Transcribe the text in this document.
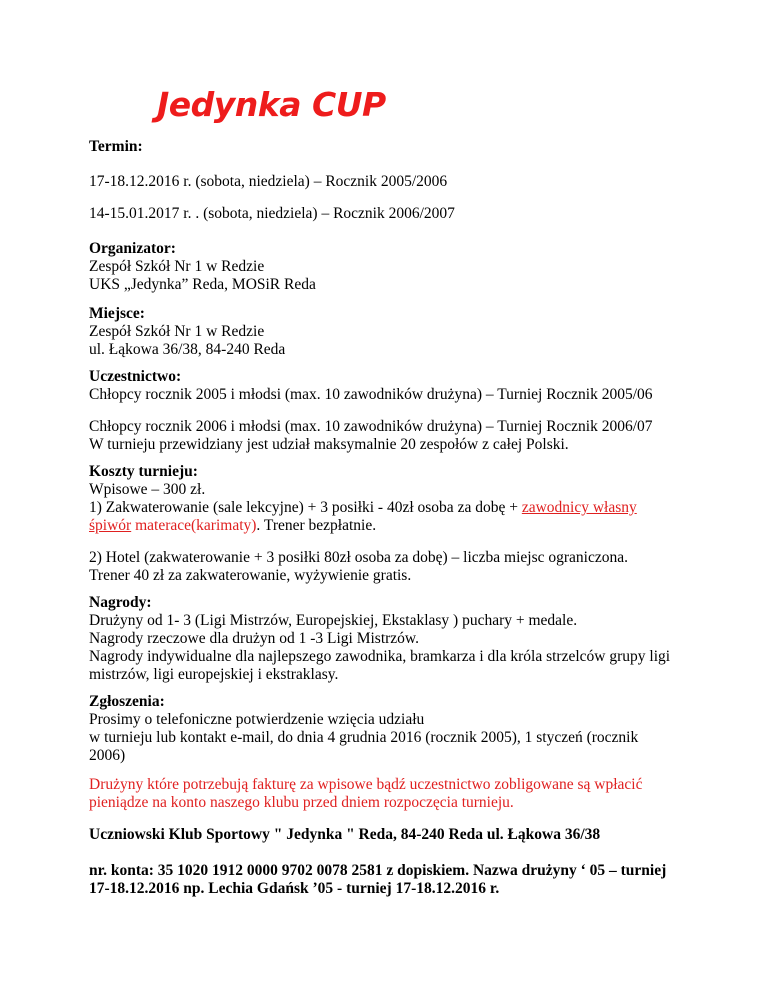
Jedynka CUP
Termin:
17-18.12.2016 r. (sobota, niedziela) – Rocznik 2005/2006
14-15.01.2017 r. . (sobota, niedziela) – Rocznik 2006/2007
Organizator:
Zespół Szkół Nr 1 w Redzie
UKS „Jedynka” Reda, MOSiR Reda
Miejsce:
Zespół Szkół Nr 1 w Redzie
ul. Łąkowa 36/38, 84-240 Reda
Uczestnictwo:
Chłopcy rocznik 2005 i młodsi (max. 10 zawodników drużyna) – Turniej Rocznik 2005/06
Chłopcy rocznik 2006 i młodsi (max. 10 zawodników drużyna) – Turniej Rocznik 2006/07
W turnieju przewidziany jest udział maksymalnie 20 zespołów z całej Polski.
Koszty turnieju:
Wpisowe – 300 zł.
1) Zakwaterowanie (sale lekcyjne) + 3 posiłki - 40zł osoba za dobę + zawodnicy własny
śpiwór materace(karimaty). Trener bezpłatnie.
2) Hotel (zakwaterowanie + 3 posiłki 80zł osoba za dobę) – liczba miejsc ograniczona.
Trener 40 zł za zakwaterowanie, wyżywienie gratis.
Nagrody:
Drużyny od 1- 3 (Ligi Mistrzów, Europejskiej, Ekstaklasy ) puchary + medale.
Nagrody rzeczowe dla drużyn od 1 -3 Ligi Mistrzów.
Nagrody indywidualne dla najlepszego zawodnika, bramkarza i dla króla strzelców grupy ligi
mistrzów, ligi europejskiej i ekstraklasy.
Zgłoszenia:
Prosimy o telefoniczne potwierdzenie wzięcia udziału
w turnieju lub kontakt e-mail, do dnia 4 grudnia 2016 (rocznik 2005), 1 styczeń (rocznik
2006)
Drużyny które potrzebują fakturę za wpisowe bądź uczestnictwo zobligowane są wpłacić
pieniądze na konto naszego klubu przed dniem rozpoczęcia turnieju.
Uczniowski Klub Sportowy " Jedynka " Reda, 84-240 Reda ul. Łąkowa 36/38
nr. konta: 35 1020 1912 0000 9702 0078 2581 z dopiskiem. Nazwa drużyny ‘ 05 – turniej
17-18.12.2016 np. Lechia Gdańsk ’05 - turniej 17-18.12.2016 r.
